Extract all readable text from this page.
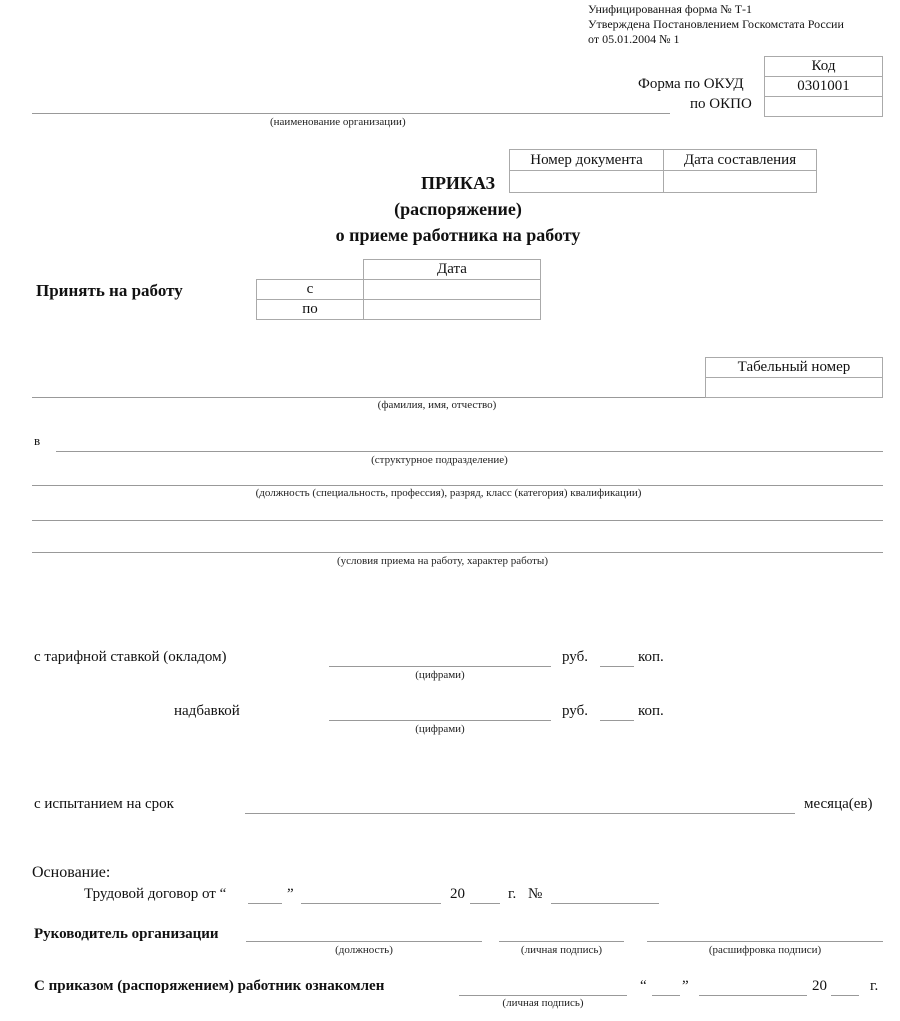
Унифицированная форма № Т-1
Утверждена Постановлением Госкомстата России
от 05.01.2004 № 1
Код
0301001

Форма по ОКУД
по ОКПО
(наименование организации)
Номер документа	Дата составления

ПРИКАЗ
(распоряжение)
о приеме работника на работу
Принять на работу
	Дата
с	
по	
Табельный номер

(фамилия, имя, отчество)
в
(структурное подразделение)
(должность (специальность, профессия), разряд, класс (категория) квалификации)
(условия приема на работу, характер работы)
с тарифной ставкой (окладом)	руб.	коп.
(цифрами)
надбавкой	руб.	коп.
(цифрами)
с испытанием на срок	месяца(ев)
Основание:
Трудовой договор от “	”	20	г. №
Руководитель организации
(должность)	(личная подпись)	(расшифровка подписи)
С приказом (распоряжением) работник ознакомлен
(личная подпись)
“ ”	20	г.
